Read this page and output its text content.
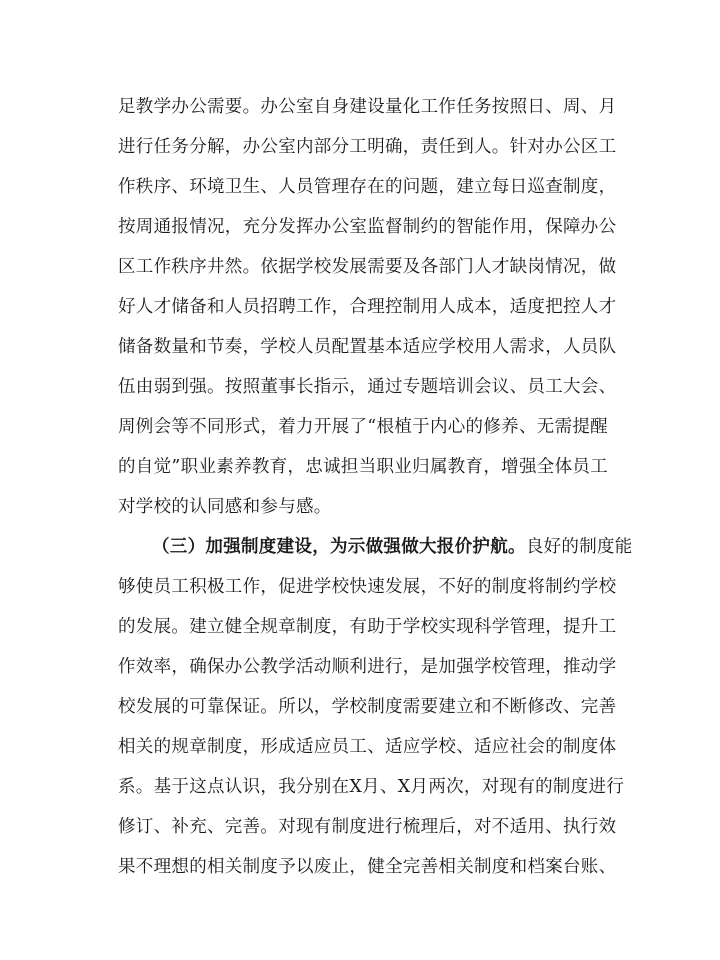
足教学办公需要。办公室自身建设量化工作任务按照日、周、月
进行任务分解，办公室内部分工明确，责任到人。针对办公区工
作秩序、环境卫生、人员管理存在的问题，建立每日巡查制度，
按周通报情况，充分发挥办公室监督制约的智能作用，保障办公
区工作秩序井然。依据学校发展需要及各部门人才缺岗情况，做
好人才储备和人员招聘工作，合理控制用人成本，适度把控人才
储备数量和节奏，学校人员配置基本适应学校用人需求，人员队
伍由弱到强。按照董事长指示，通过专题培训会议、员工大会、
周例会等不同形式，着力开展了“根植于内心的修养、无需提醒
的自觉”职业素养教育，忠诚担当职业归属教育，增强全体员工
对学校的认同感和参与感。
（三）加强制度建设，为示做强做大报价护航。良好的制度能
够使员工积极工作，促进学校快速发展，不好的制度将制约学校
的发展。建立健全规章制度，有助于学校实现科学管理，提升工
作效率，确保办公教学活动顺利进行，是加强学校管理，推动学
校发展的可靠保证。所以，学校制度需要建立和不断修改、完善
相关的规章制度，形成适应员工、适应学校、适应社会的制度体
系。基于这点认识，我分别在X月、X月两次，对现有的制度进行
修订、补充、完善。对现有制度进行梳理后，对不适用、执行效
果不理想的相关制度予以废止，健全完善相关制度和档案台账、
